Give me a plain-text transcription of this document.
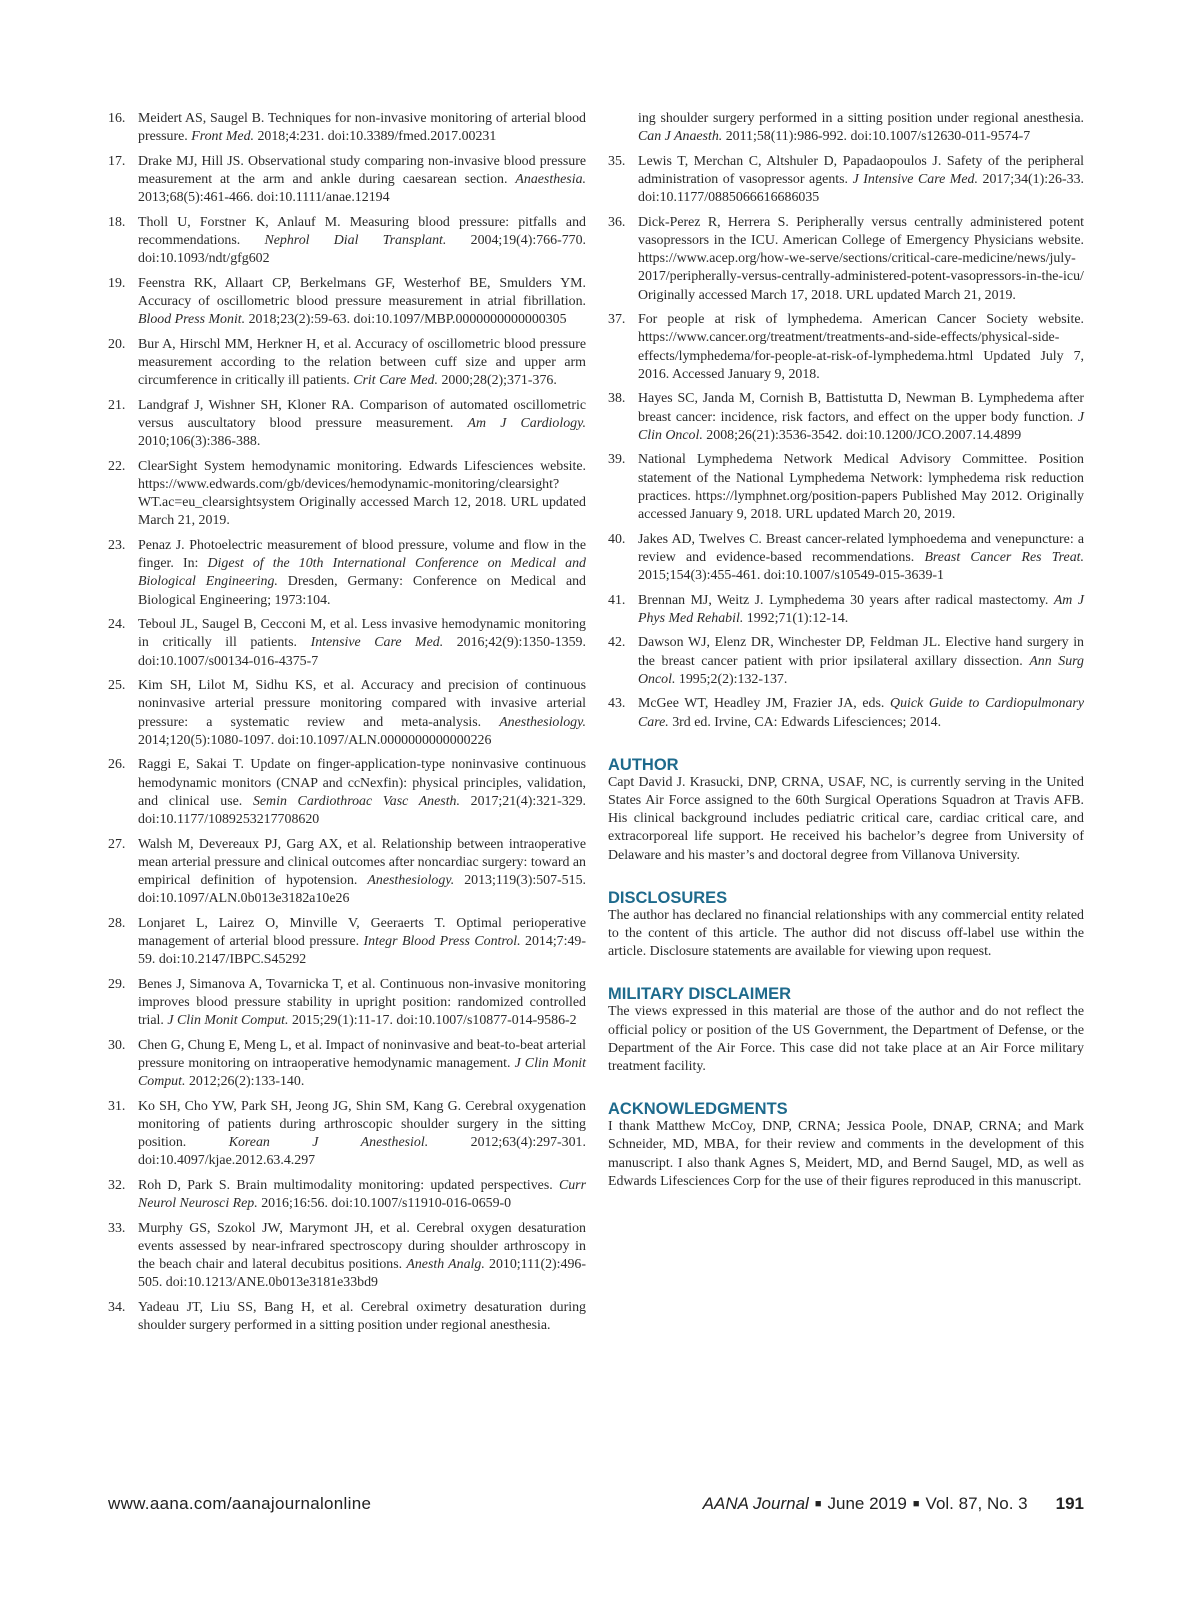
16. Meidert AS, Saugel B. Techniques for non-invasive monitoring of arterial blood pressure. Front Med. 2018;4:231. doi:10.3389/fmed.2017.00231
17. Drake MJ, Hill JS. Observational study comparing non-invasive blood pressure measurement at the arm and ankle during caesarean section. Anaesthesia. 2013;68(5):461-466. doi:10.1111/anae.12194
18. Tholl U, Forstner K, Anlauf M. Measuring blood pressure: pitfalls and recommendations. Nephrol Dial Transplant. 2004;19(4):766-770. doi:10.1093/ndt/gfg602
19. Feenstra RK, Allaart CP, Berkelmans GF, Westerhof BE, Smulders YM. Accuracy of oscillometric blood pressure measurement in atrial fibrillation. Blood Press Monit. 2018;23(2):59-63. doi:10.1097/MBP.0000000000000305
20. Bur A, Hirschl MM, Herkner H, et al. Accuracy of oscillometric blood pressure measurement according to the relation between cuff size and upper arm circumference in critically ill patients. Crit Care Med. 2000;28(2);371-376.
21. Landgraf J, Wishner SH, Kloner RA. Comparison of automated oscillometric versus auscultatory blood pressure measurement. Am J Cardiology. 2010;106(3):386-388.
22. ClearSight System hemodynamic monitoring. Edwards Lifesciences website. https://www.edwards.com/gb/devices/hemodynamic-monitoring/clearsight?WT.ac=eu_clearsightsystem Originally accessed March 12, 2018. URL updated March 21, 2019.
23. Penaz J. Photoelectric measurement of blood pressure, volume and flow in the finger. In: Digest of the 10th International Conference on Medical and Biological Engineering. Dresden, Germany: Conference on Medical and Biological Engineering; 1973:104.
24. Teboul JL, Saugel B, Cecconi M, et al. Less invasive hemodynamic monitoring in critically ill patients. Intensive Care Med. 2016;42(9):1350-1359. doi:10.1007/s00134-016-4375-7
25. Kim SH, Lilot M, Sidhu KS, et al. Accuracy and precision of continuous noninvasive arterial pressure monitoring compared with invasive arterial pressure: a systematic review and meta-analysis. Anesthesiology. 2014;120(5):1080-1097. doi:10.1097/ALN.0000000000000226
26. Raggi E, Sakai T. Update on finger-application-type noninvasive continuous hemodynamic monitors (CNAP and ccNexfin): physical principles, validation, and clinical use. Semin Cardiothroac Vasc Anesth. 2017;21(4):321-329. doi:10.1177/1089253217708620
27. Walsh M, Devereaux PJ, Garg AX, et al. Relationship between intraoperative mean arterial pressure and clinical outcomes after noncardiac surgery: toward an empirical definition of hypotension. Anesthesiology. 2013;119(3):507-515. doi:10.1097/ALN.0b013e3182a10e26
28. Lonjaret L, Lairez O, Minville V, Geeraerts T. Optimal perioperative management of arterial blood pressure. Integr Blood Press Control. 2014;7:49-59. doi:10.2147/IBPC.S45292
29. Benes J, Simanova A, Tovarnicka T, et al. Continuous non-invasive monitoring improves blood pressure stability in upright position: randomized controlled trial. J Clin Monit Comput. 2015;29(1):11-17. doi:10.1007/s10877-014-9586-2
30. Chen G, Chung E, Meng L, et al. Impact of noninvasive and beat-to-beat arterial pressure monitoring on intraoperative hemodynamic management. J Clin Monit Comput. 2012;26(2):133-140.
31. Ko SH, Cho YW, Park SH, Jeong JG, Shin SM, Kang G. Cerebral oxygenation monitoring of patients during arthroscopic shoulder surgery in the sitting position. Korean J Anesthesiol. 2012;63(4):297-301. doi:10.4097/kjae.2012.63.4.297
32. Roh D, Park S. Brain multimodality monitoring: updated perspectives. Curr Neurol Neurosci Rep. 2016;16:56. doi:10.1007/s11910-016-0659-0
33. Murphy GS, Szokol JW, Marymont JH, et al. Cerebral oxygen desaturation events assessed by near-infrared spectroscopy during shoulder arthroscopy in the beach chair and lateral decubitus positions. Anesth Analg. 2010;111(2):496-505. doi:10.1213/ANE.0b013e3181e33bd9
34. Yadeau JT, Liu SS, Bang H, et al. Cerebral oximetry desaturation during shoulder surgery performed in a sitting position under regional anesthesia.
ing shoulder surgery performed in a sitting position under regional anesthesia. Can J Anaesth. 2011;58(11):986-992. doi:10.1007/s12630-011-9574-7
35. Lewis T, Merchan C, Altshuler D, Papadaopoulos J. Safety of the peripheral administration of vasopressor agents. J Intensive Care Med. 2017;34(1):26-33. doi:10.1177/0885066616686035
36. Dick-Perez R, Herrera S. Peripherally versus centrally administered potent vasopressors in the ICU. American College of Emergency Physicians website. https://www.acep.org/how-we-serve/sections/critical-care-medicine/news/july-2017/peripherally-versus-centrally-administered-potent-vasopressors-in-the-icu/ Originally accessed March 17, 2018. URL updated March 21, 2019.
37. For people at risk of lymphedema. American Cancer Society website. https://www.cancer.org/treatment/treatments-and-side-effects/physical-side-effects/lymphedema/for-people-at-risk-of-lymphedema.html Updated July 7, 2016. Accessed January 9, 2018.
38. Hayes SC, Janda M, Cornish B, Battistutta D, Newman B. Lymphedema after breast cancer: incidence, risk factors, and effect on the upper body function. J Clin Oncol. 2008;26(21):3536-3542. doi:10.1200/JCO.2007.14.4899
39. National Lymphedema Network Medical Advisory Committee. Position statement of the National Lymphedema Network: lymphedema risk reduction practices. https://lymphnet.org/position-papers Published May 2012. Originally accessed January 9, 2018. URL updated March 20, 2019.
40. Jakes AD, Twelves C. Breast cancer-related lymphoedema and venepuncture: a review and evidence-based recommendations. Breast Cancer Res Treat. 2015;154(3):455-461. doi:10.1007/s10549-015-3639-1
41. Brennan MJ, Weitz J. Lymphedema 30 years after radical mastectomy. Am J Phys Med Rehabil. 1992;71(1):12-14.
42. Dawson WJ, Elenz DR, Winchester DP, Feldman JL. Elective hand surgery in the breast cancer patient with prior ipsilateral axillary dissection. Ann Surg Oncol. 1995;2(2):132-137.
43. McGee WT, Headley JM, Frazier JA, eds. Quick Guide to Cardiopulmonary Care. 3rd ed. Irvine, CA: Edwards Lifesciences; 2014.
AUTHOR

Capt David J. Krasucki, DNP, CRNA, USAF, NC, is currently serving in the United States Air Force assigned to the 60th Surgical Operations Squadron at Travis AFB. His clinical background includes pediatric critical care, cardiac critical care, and extracorporeal life support. He received his bachelor’s degree from University of Delaware and his master’s and doctoral degree from Villanova University.

DISCLOSURES

The author has declared no financial relationships with any commercial entity related to the content of this article. The author did not discuss off-label use within the article. Disclosure statements are available for viewing upon request.

MILITARY DISCLAIMER

The views expressed in this material are those of the author and do not reflect the official policy or position of the US Government, the Department of Defense, or the Department of the Air Force. This case did not take place at an Air Force military treatment facility.

ACKNOWLEDGMENTS

I thank Matthew McCoy, DNP, CRNA; Jessica Poole, DNAP, CRNA; and Mark Schneider, MD, MBA, for their review and comments in the development of this manuscript. I also thank Agnes S, Meidert, MD, and Bernd Saugel, MD, as well as Edwards Lifesciences Corp for the use of their figures reproduced in this manuscript.

www.aana.com/aanajournalonline	AANA Journal ■ June 2019 ■ Vol. 87, No. 3 191
